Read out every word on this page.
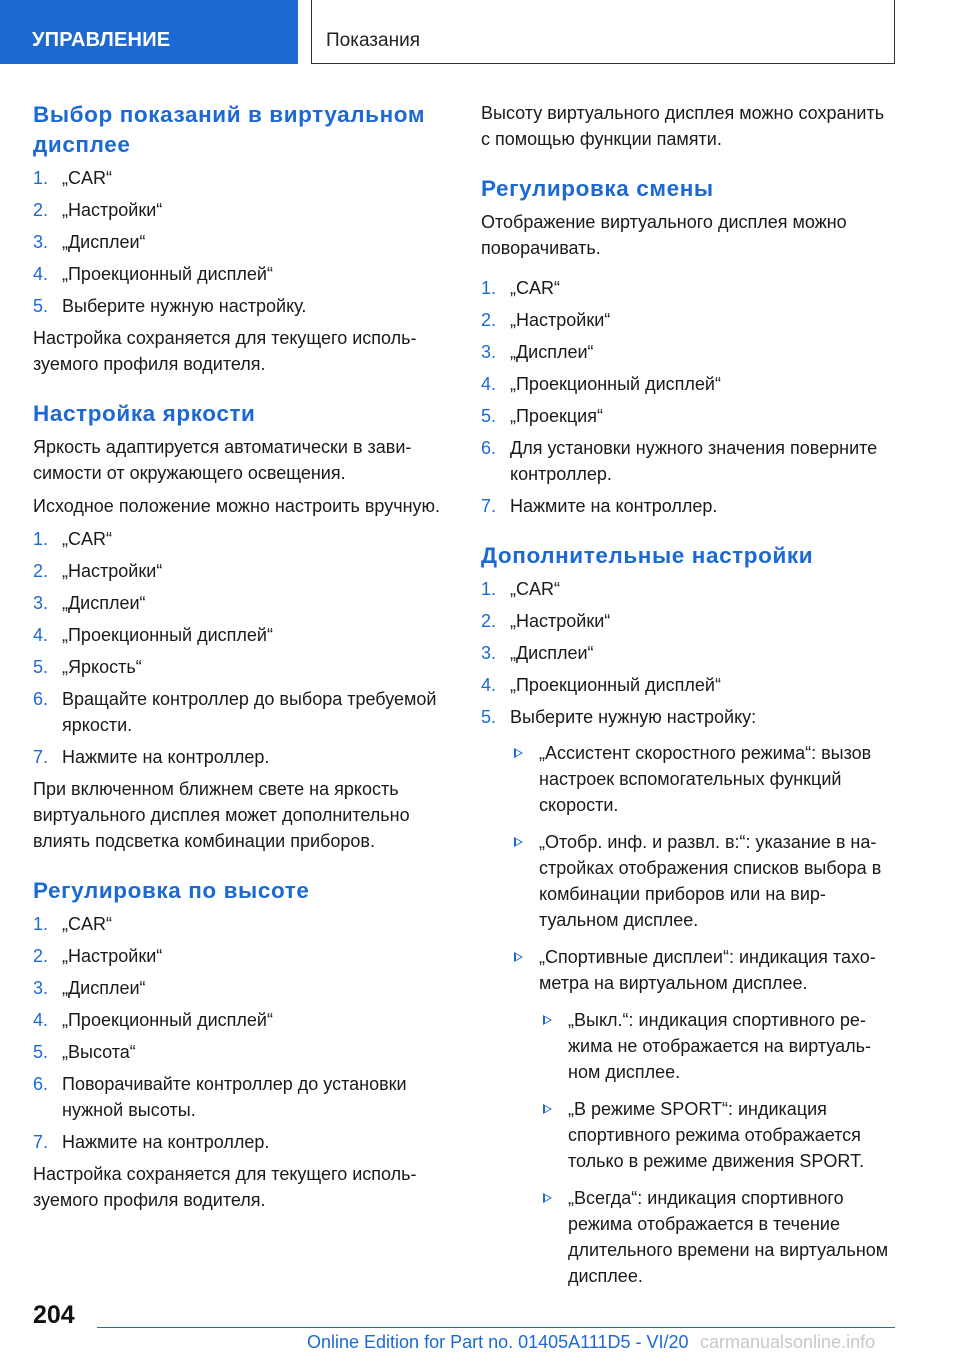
УПРАВЛЕНИЕ	Показания
Выбор показаний в виртуальном дисплее
1. „CAR“
2. „Настройки“
3. „Дисплеи“
4. „Проекционный дисплей“
5. Выберите нужную настройку.

Настройка сохраняется для текущего используемого профиля водителя.

Настройка яркости

Яркость адаптируется автоматически в зависимости от окружающего освещения.

Исходное положение можно настроить вручную.

1. „CAR“
2. „Настройки“
3. „Дисплеи“
4. „Проекционный дисплей“
5. „Яркость“
6. Вращайте контроллер до выбора требуемой яркости.
7. Нажмите на контроллер.

При включенном ближнем свете на яркость виртуального дисплея может дополнительно влиять подсветка комбинации приборов.

Регулировка по высоте
1. „CAR“
2. „Настройки“
3. „Дисплеи“
4. „Проекционный дисплей“
5. „Высота“
6. Поворачивайте контроллер до установки нужной высоты.
7. Нажмите на контроллер.

Настройка сохраняется для текущего используемого профиля водителя.

Высоту виртуального дисплея можно сохранить с помощью функции памяти.

Регулировка смены

Отображение виртуального дисплея можно поворачивать.

1. „CAR“
2. „Настройки“
3. „Дисплеи“
4. „Проекционный дисплей“
5. „Проекция“
6. Для установки нужного значения поверните контроллер.
7. Нажмите на контроллер.
Дополнительные настройки
1. „CAR“
2. „Настройки“
3. „Дисплеи“
4. „Проекционный дисплей“
5. Выберите нужную настройку:
„Ассистент скоростного режима“: вызов настроек вспомогательных функций скорости.
„Отобр. инф. и развл. в:“: указание в настройках отображения списков выбора в комбинации приборов или на виртуальном дисплее.
„Спортивные дисплеи“: индикация тахометра на виртуальном дисплее.
„Выкл.“: индикация спортивного режима не отображается на виртуальном дисплее.
„В режиме SPORT“: индикация спортивного режима отображается только в режиме движения SPORT.
„Всегда“: индикация спортивного режима отображается в течение длительного времени на виртуальном дисплее.
204
Online Edition for Part no. 01405A111D5 - VI/20 carmanualsonline.info
